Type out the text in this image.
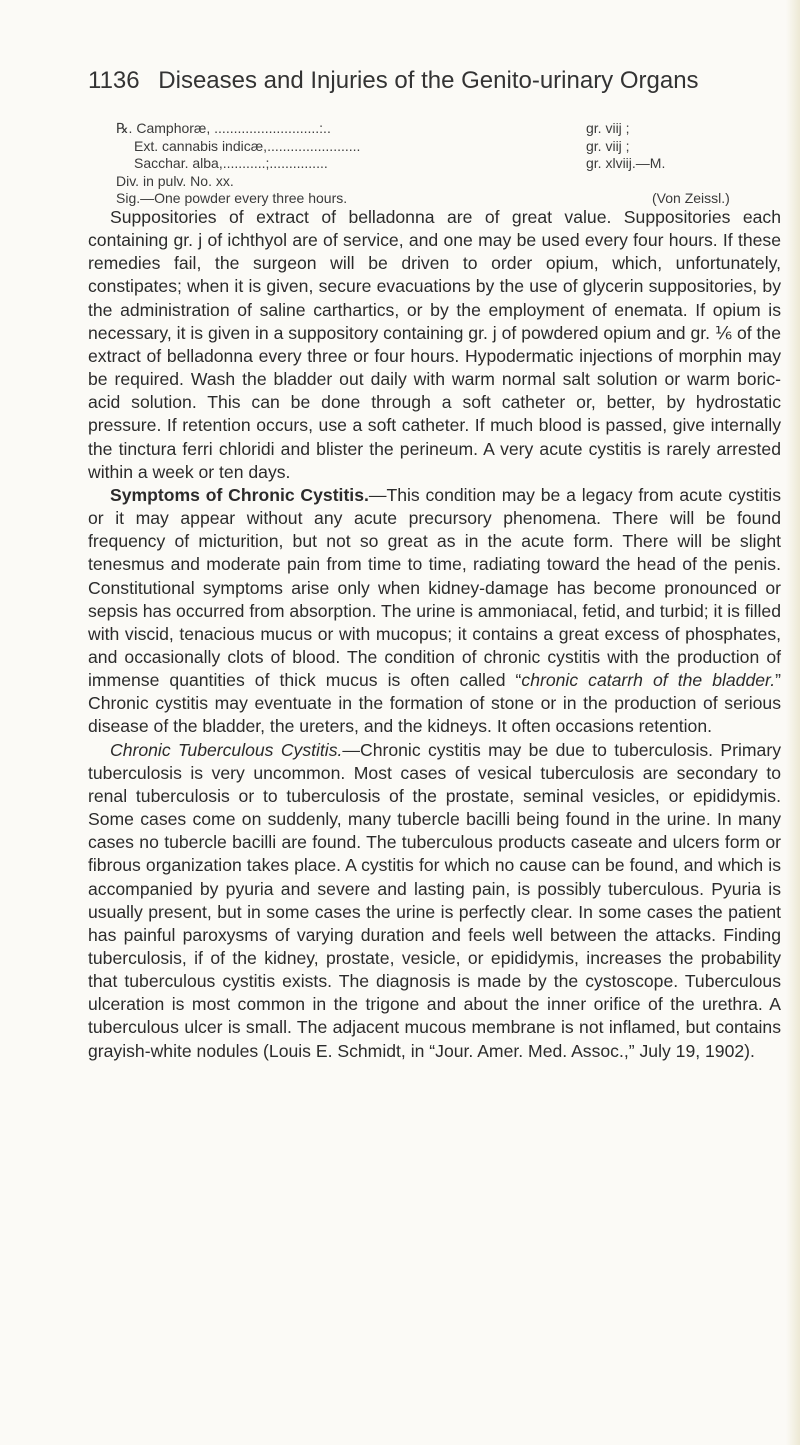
1136 Diseases and Injuries of the Genito-urinary Organs
℞. Camphoræ, ...........................:..	gr. viij ;
Ext. cannabis indicæ,........................	gr. viij ;
Sacchar. alba,...........;...............	gr. xlviij.—M.
Div. in pulv. No. xx.
Sig.—One powder every three hours.	(Von Zeissl.)

Suppositories of extract of belladonna are of great value. Suppositories each containing gr. j of ichthyol are of service, and one may be used every four hours. If these remedies fail, the surgeon will be driven to order opium, which, unfortunately, constipates; when it is given, secure evacuations by the use of glycerin suppositories, by the administration of saline carthartics, or by the employment of enemata. If opium is necessary, it is given in a suppository containing gr. j of powdered opium and gr. ⅙ of the extract of belladonna every three or four hours. Hypodermatic injections of morphin may be required. Wash the bladder out daily with warm normal salt solution or warm boric-acid solution. This can be done through a soft catheter or, better, by hydrostatic pressure. If retention occurs, use a soft catheter. If much blood is passed, give internally the tinctura ferri chloridi and blister the perineum. A very acute cystitis is rarely arrested within a week or ten days.

Symptoms of Chronic Cystitis.—This condition may be a legacy from acute cystitis or it may appear without any acute precursory phenomena. There will be found frequency of micturition, but not so great as in the acute form. There will be slight tenesmus and moderate pain from time to time, radiating toward the head of the penis. Constitutional symptoms arise only when kidney-damage has become pronounced or sepsis has occurred from absorption. The urine is ammoniacal, fetid, and turbid; it is filled with viscid, tenacious mucus or with mucopus; it contains a great excess of phosphates, and occasionally clots of blood. The condition of chronic cystitis with the production of immense quantities of thick mucus is often called “chronic catarrh of the bladder.” Chronic cystitis may eventuate in the formation of stone or in the production of serious disease of the bladder, the ureters, and the kidneys. It often occasions retention.

Chronic Tuberculous Cystitis.—Chronic cystitis may be due to tuberculosis. Primary tuberculosis is very uncommon. Most cases of vesical tuberculosis are secondary to renal tuberculosis or to tuberculosis of the prostate, seminal vesicles, or epididymis. Some cases come on suddenly, many tubercle bacilli being found in the urine. In many cases no tubercle bacilli are found. The tuberculous products caseate and ulcers form or fibrous organization takes place. A cystitis for which no cause can be found, and which is accompanied by pyuria and severe and lasting pain, is possibly tuberculous. Pyuria is usually present, but in some cases the urine is perfectly clear. In some cases the patient has painful paroxysms of varying duration and feels well between the attacks. Finding tuberculosis, if of the kidney, prostate, vesicle, or epididymis, increases the probability that tuberculous cystitis exists. The diagnosis is made by the cystoscope. Tuberculous ulceration is most common in the trigone and about the inner orifice of the urethra. A tuberculous ulcer is small. The adjacent mucous membrane is not inflamed, but contains grayish-white nodules (Louis E. Schmidt, in “Jour. Amer. Med. Assoc.,” July 19, 1902).
